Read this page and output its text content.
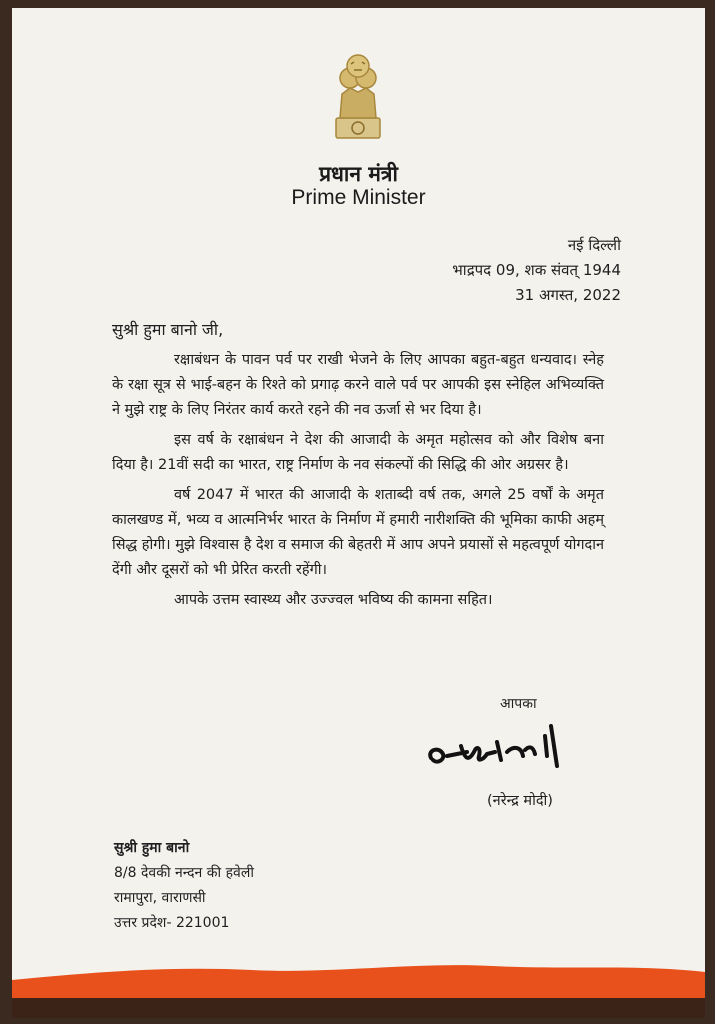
प्रधान मंत्री
Prime Minister
नई दिल्ली
भाद्रपद 09, शक संवत् 1944
31 अगस्त, 2022
सुश्री हुमा बानो जी,

रक्षाबंधन के पावन पर्व पर राखी भेजने के लिए आपका बहुत-बहुत धन्यवाद। स्नेह के रक्षा सूत्र से भाई-बहन के रिश्ते को प्रगाढ़ करने वाले पर्व पर आपकी इस स्नेहिल अभिव्यक्ति ने मुझे राष्ट्र के लिए निरंतर कार्य करते रहने की नव ऊर्जा से भर दिया है।

इस वर्ष के रक्षाबंधन ने देश की आजादी के अमृत महोत्सव को और विशेष बना दिया है। 21वीं सदी का भारत, राष्ट्र निर्माण के नव संकल्पों की सिद्धि की ओर अग्रसर है।

वर्ष 2047 में भारत की आजादी के शताब्दी वर्ष तक, अगले 25 वर्षों के अमृत कालखण्ड में, भव्य व आत्मनिर्भर भारत के निर्माण में हमारी नारीशक्ति की भूमिका काफी अहम् सिद्ध होगी। मुझे विश्वास है देश व समाज की बेहतरी में आप अपने प्रयासों से महत्वपूर्ण योगदान देंगी और दूसरों को भी प्रेरित करती रहेंगी।

आपके उत्तम स्वास्थ्य और उज्ज्वल भविष्य की कामना सहित।

आपका
(नरेन्द्र मोदी)
सुश्री हुमा बानो
8/8 देवकी नन्दन की हवेली
रामापुरा, वाराणसी
उत्तर प्रदेश- 221001
